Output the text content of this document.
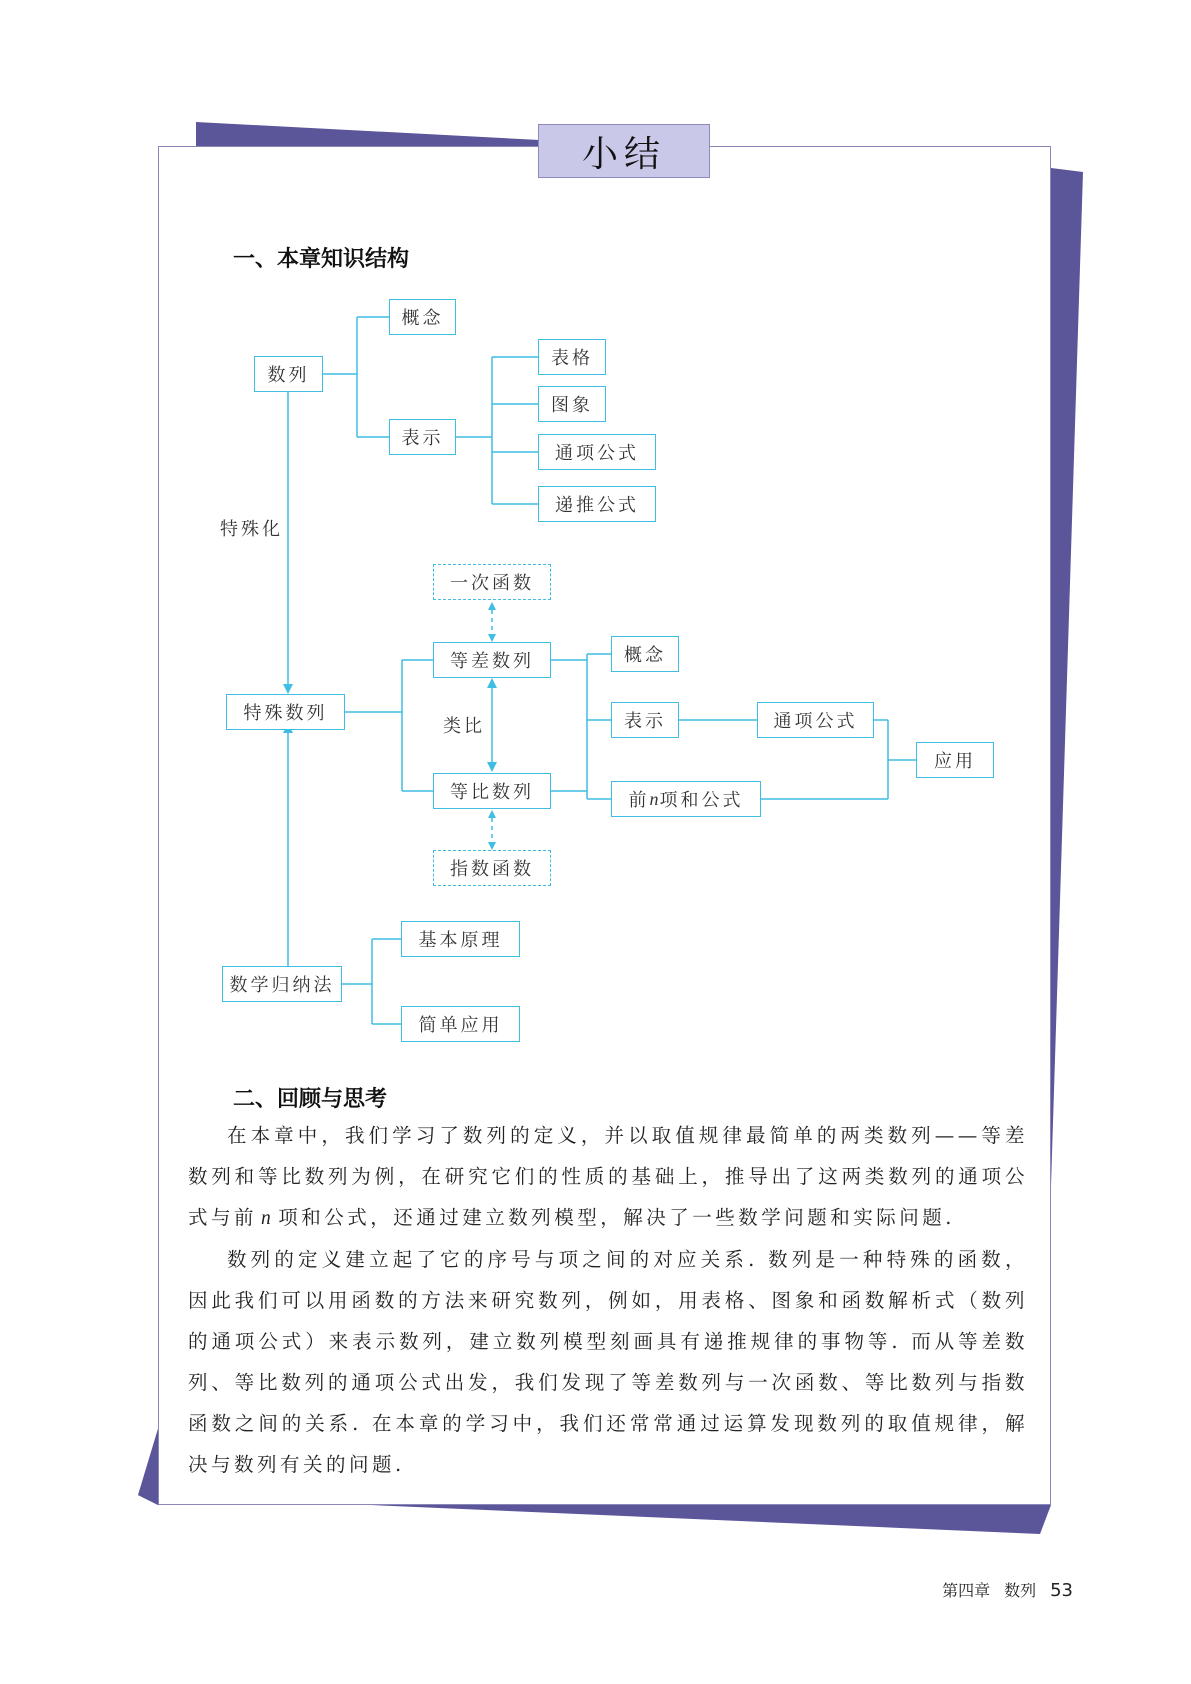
小结
一、本章知识结构
数列
概念
表示
表格
图象
通项公式
递推公式
特殊化
一次函数
特殊数列
等差数列
类比
等比数列
指数函数
概念
表示	通项公式
前 n 项和公式
应用
数学归纳法
基本原理
简单应用
二、回顾与思考

在本章中，我们学习了数列的定义，并以取值规律最简单的两类数列——等差数列和等比数列为例，在研究它们的性质的基础上，推导出了这两类数列的通项公式与前 n 项和公式，还通过建立数列模型，解决了一些数学问题和实际问题.

数列的定义建立起了它的序号与项之间的对应关系. 数列是一种特殊的函数，因此我们可以用函数的方法来研究数列，例如，用表格、图象和函数解析式（数列的通项公式）来表示数列，建立数列模型刻画具有递推规律的事物等. 而从等差数列、等比数列的通项公式出发，我们发现了等差数列与一次函数、等比数列与指数函数之间的关系. 在本章的学习中，我们还常常通过运算发现数列的取值规律，解决与数列有关的问题.

第四章 数列 53
